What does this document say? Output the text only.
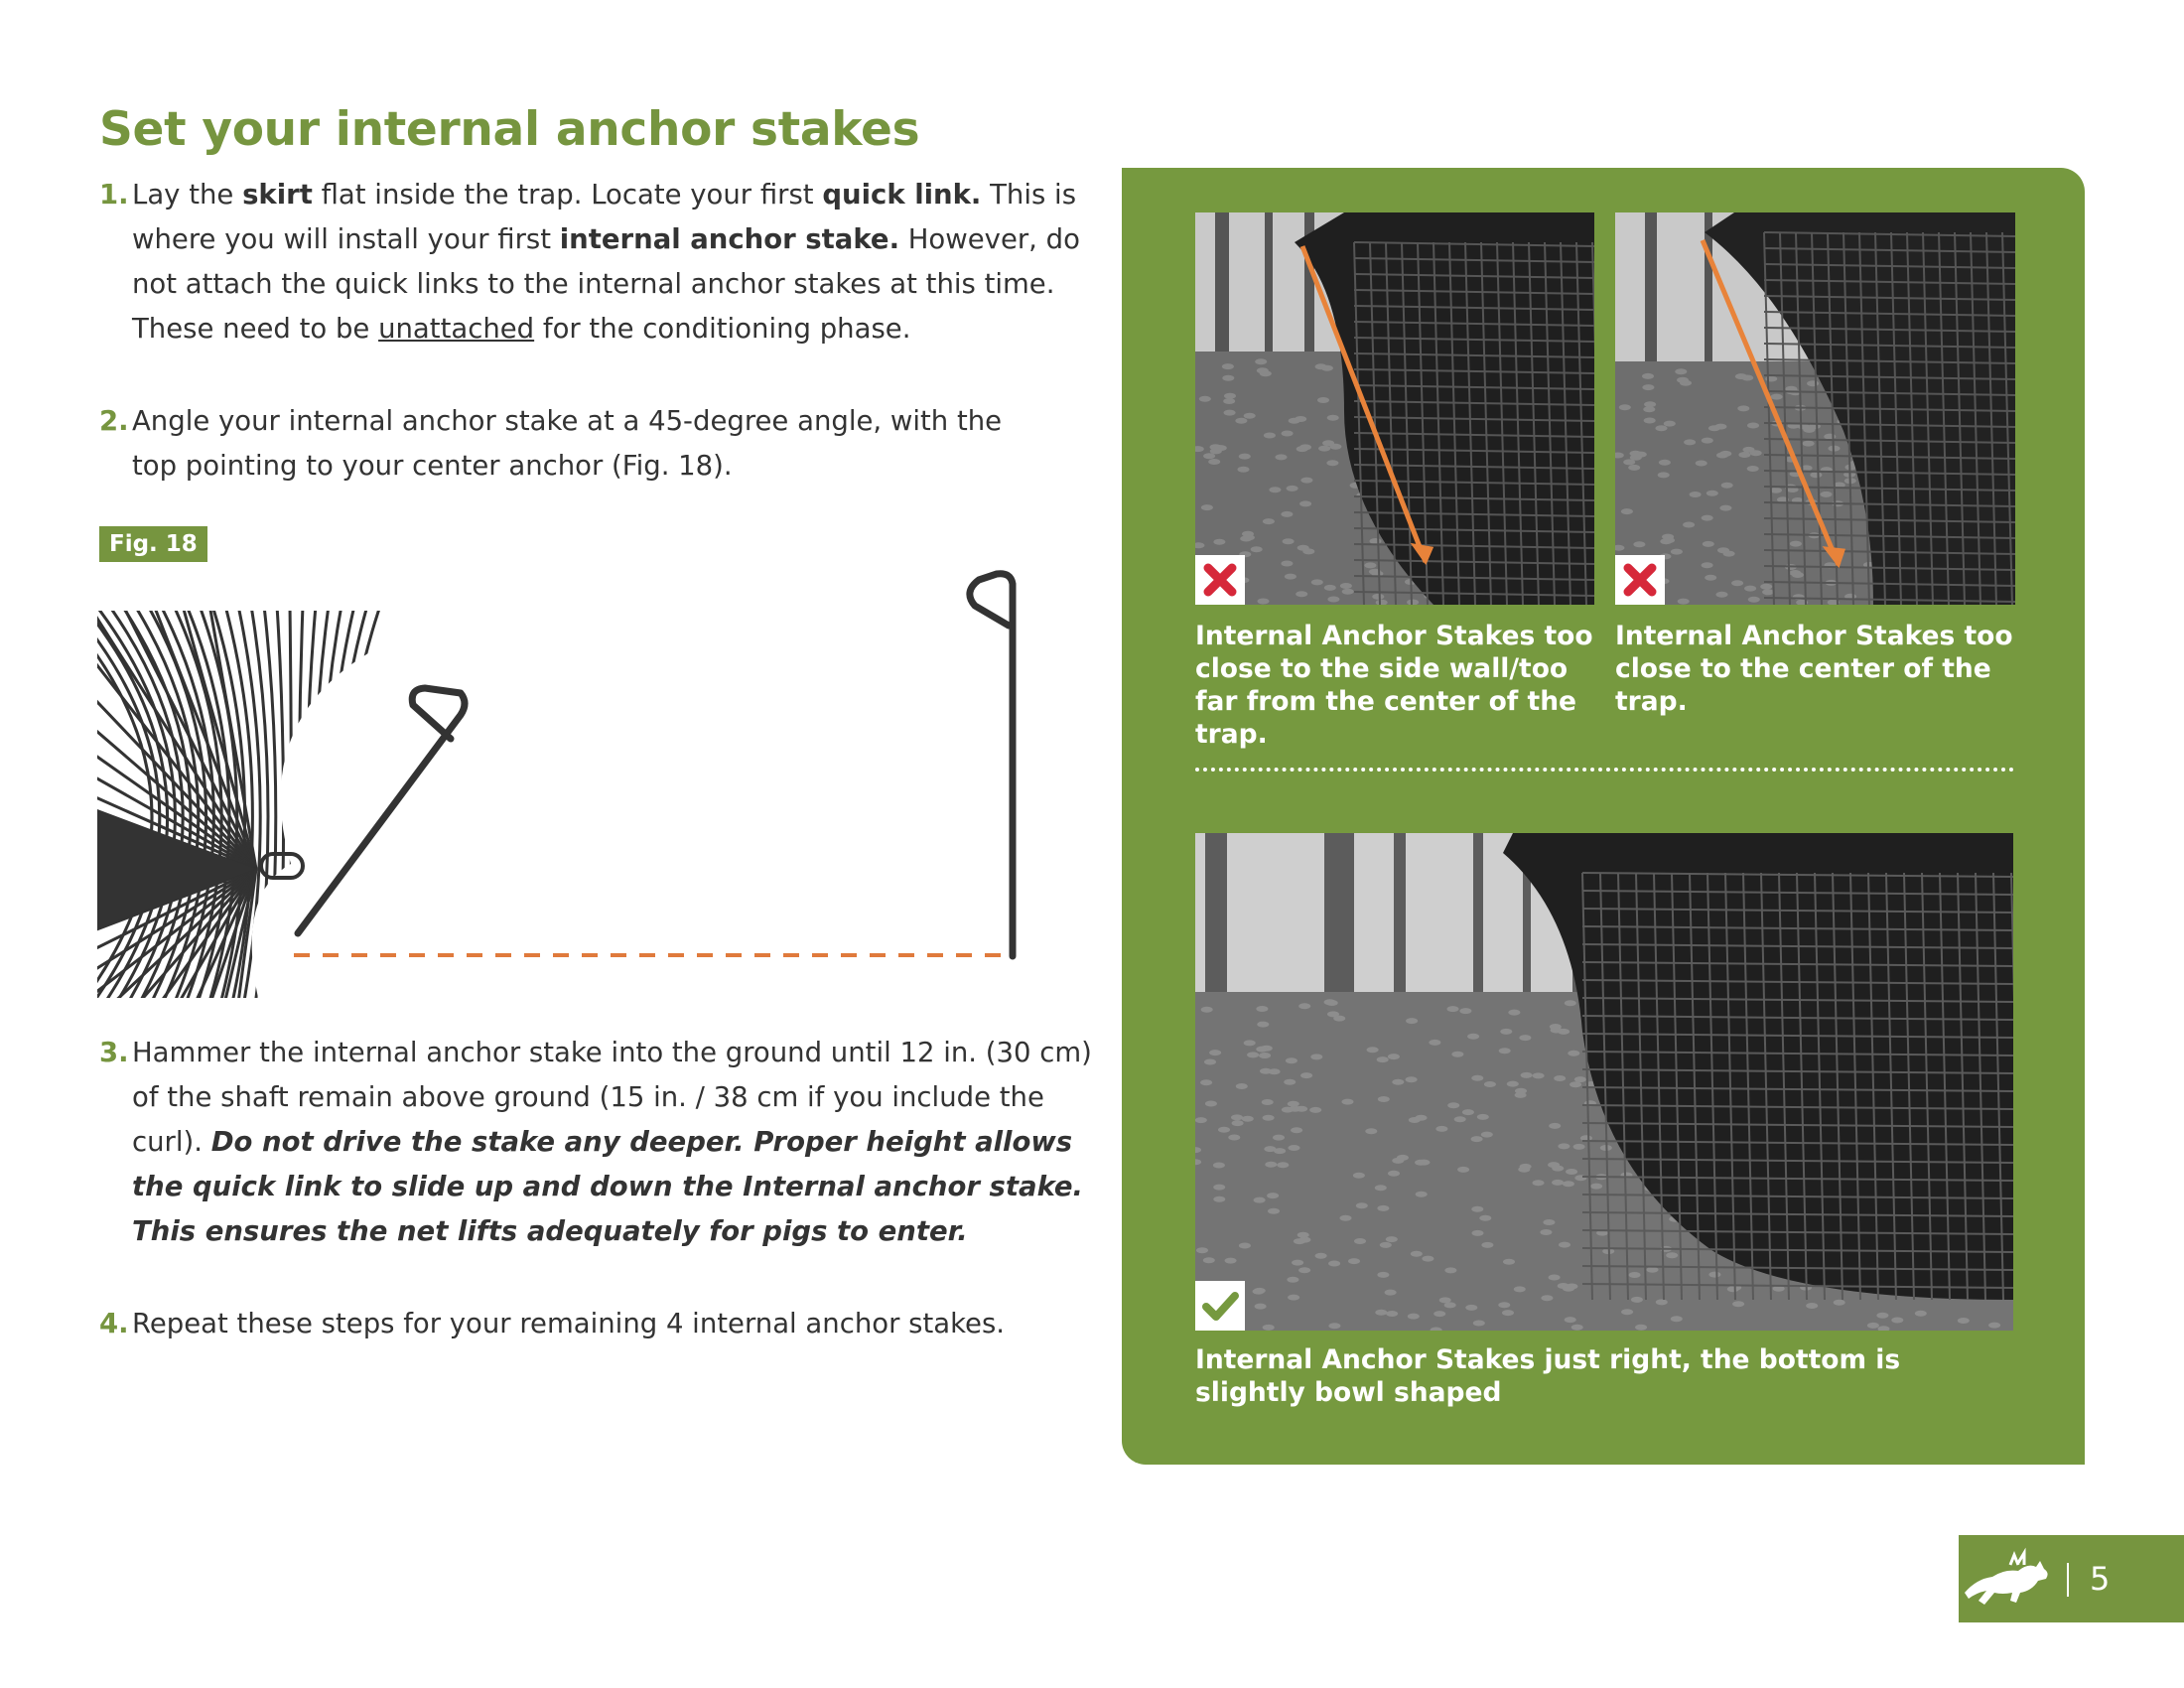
Set your internal anchor stakes
1. Lay the skirt flat inside the trap. Locate your first quick link. This is where you will install your first internal anchor stake. However, do not attach the quick links to the internal anchor stakes at this time. These need to be unattached for the conditioning phase.
2. Angle your internal anchor stake at a 45-degree angle, with the top pointing to your center anchor (Fig. 18).
Fig. 18
3. Hammer the internal anchor stake into the ground until 12 in. (30 cm) of the shaft remain above ground (15 in. / 38 cm if you include the curl). Do not drive the stake any deeper. Proper height allows the quick link to slide up and down the Internal anchor stake. This ensures the net lifts adequately for pigs to enter.
4. Repeat these steps for your remaining 4 internal anchor stakes.
Internal Anchor Stakes too close to the side wall/too far from the center of the trap.
Internal Anchor Stakes too close to the center of the trap.
Internal Anchor Stakes just right, the bottom is slightly bowl shaped
5
